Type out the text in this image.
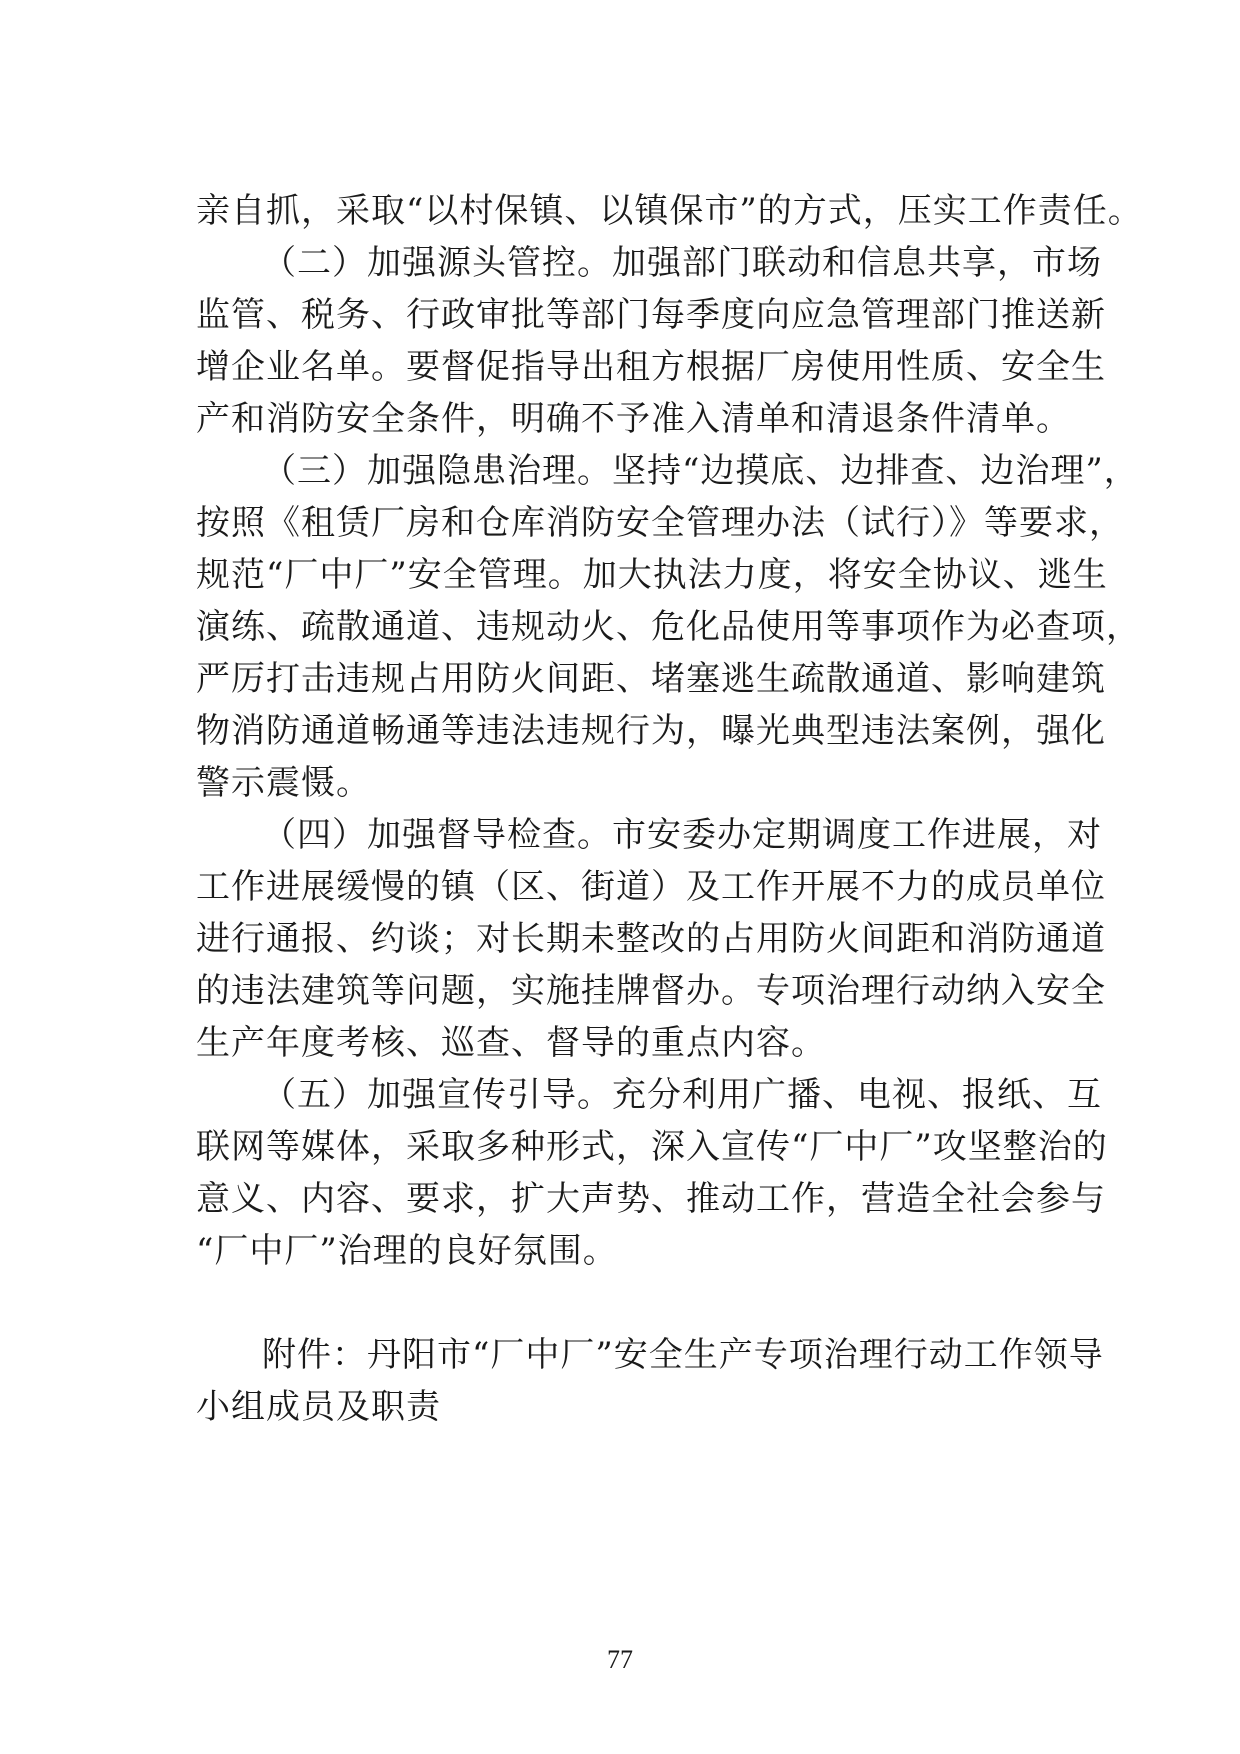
亲自抓，采取“以村保镇、以镇保市”的方式，压实工作责任。
（二）加强源头管控。加强部门联动和信息共享，市场
监管、税务、行政审批等部门每季度向应急管理部门推送新
增企业名单。要督促指导出租方根据厂房使用性质、安全生
产和消防安全条件，明确不予准入清单和清退条件清单。
（三）加强隐患治理。坚持“边摸底、边排查、边治理”，
按照《租赁厂房和仓库消防安全管理办法（试行）》等要求，
规范“厂中厂”安全管理。加大执法力度，将安全协议、逃生
演练、疏散通道、违规动火、危化品使用等事项作为必查项，
严厉打击违规占用防火间距、堵塞逃生疏散通道、影响建筑
物消防通道畅通等违法违规行为，曝光典型违法案例，强化
警示震慑。
（四）加强督导检查。市安委办定期调度工作进展，对
工作进展缓慢的镇（区、街道）及工作开展不力的成员单位
进行通报、约谈；对长期未整改的占用防火间距和消防通道
的违法建筑等问题，实施挂牌督办。专项治理行动纳入安全
生产年度考核、巡查、督导的重点内容。
（五）加强宣传引导。充分利用广播、电视、报纸、互
联网等媒体，采取多种形式，深入宣传“厂中厂”攻坚整治的
意义、内容、要求，扩大声势、推动工作，营造全社会参与
“厂中厂”治理的良好氛围。
附件：丹阳市“厂中厂”安全生产专项治理行动工作领导
小组成员及职责
77
